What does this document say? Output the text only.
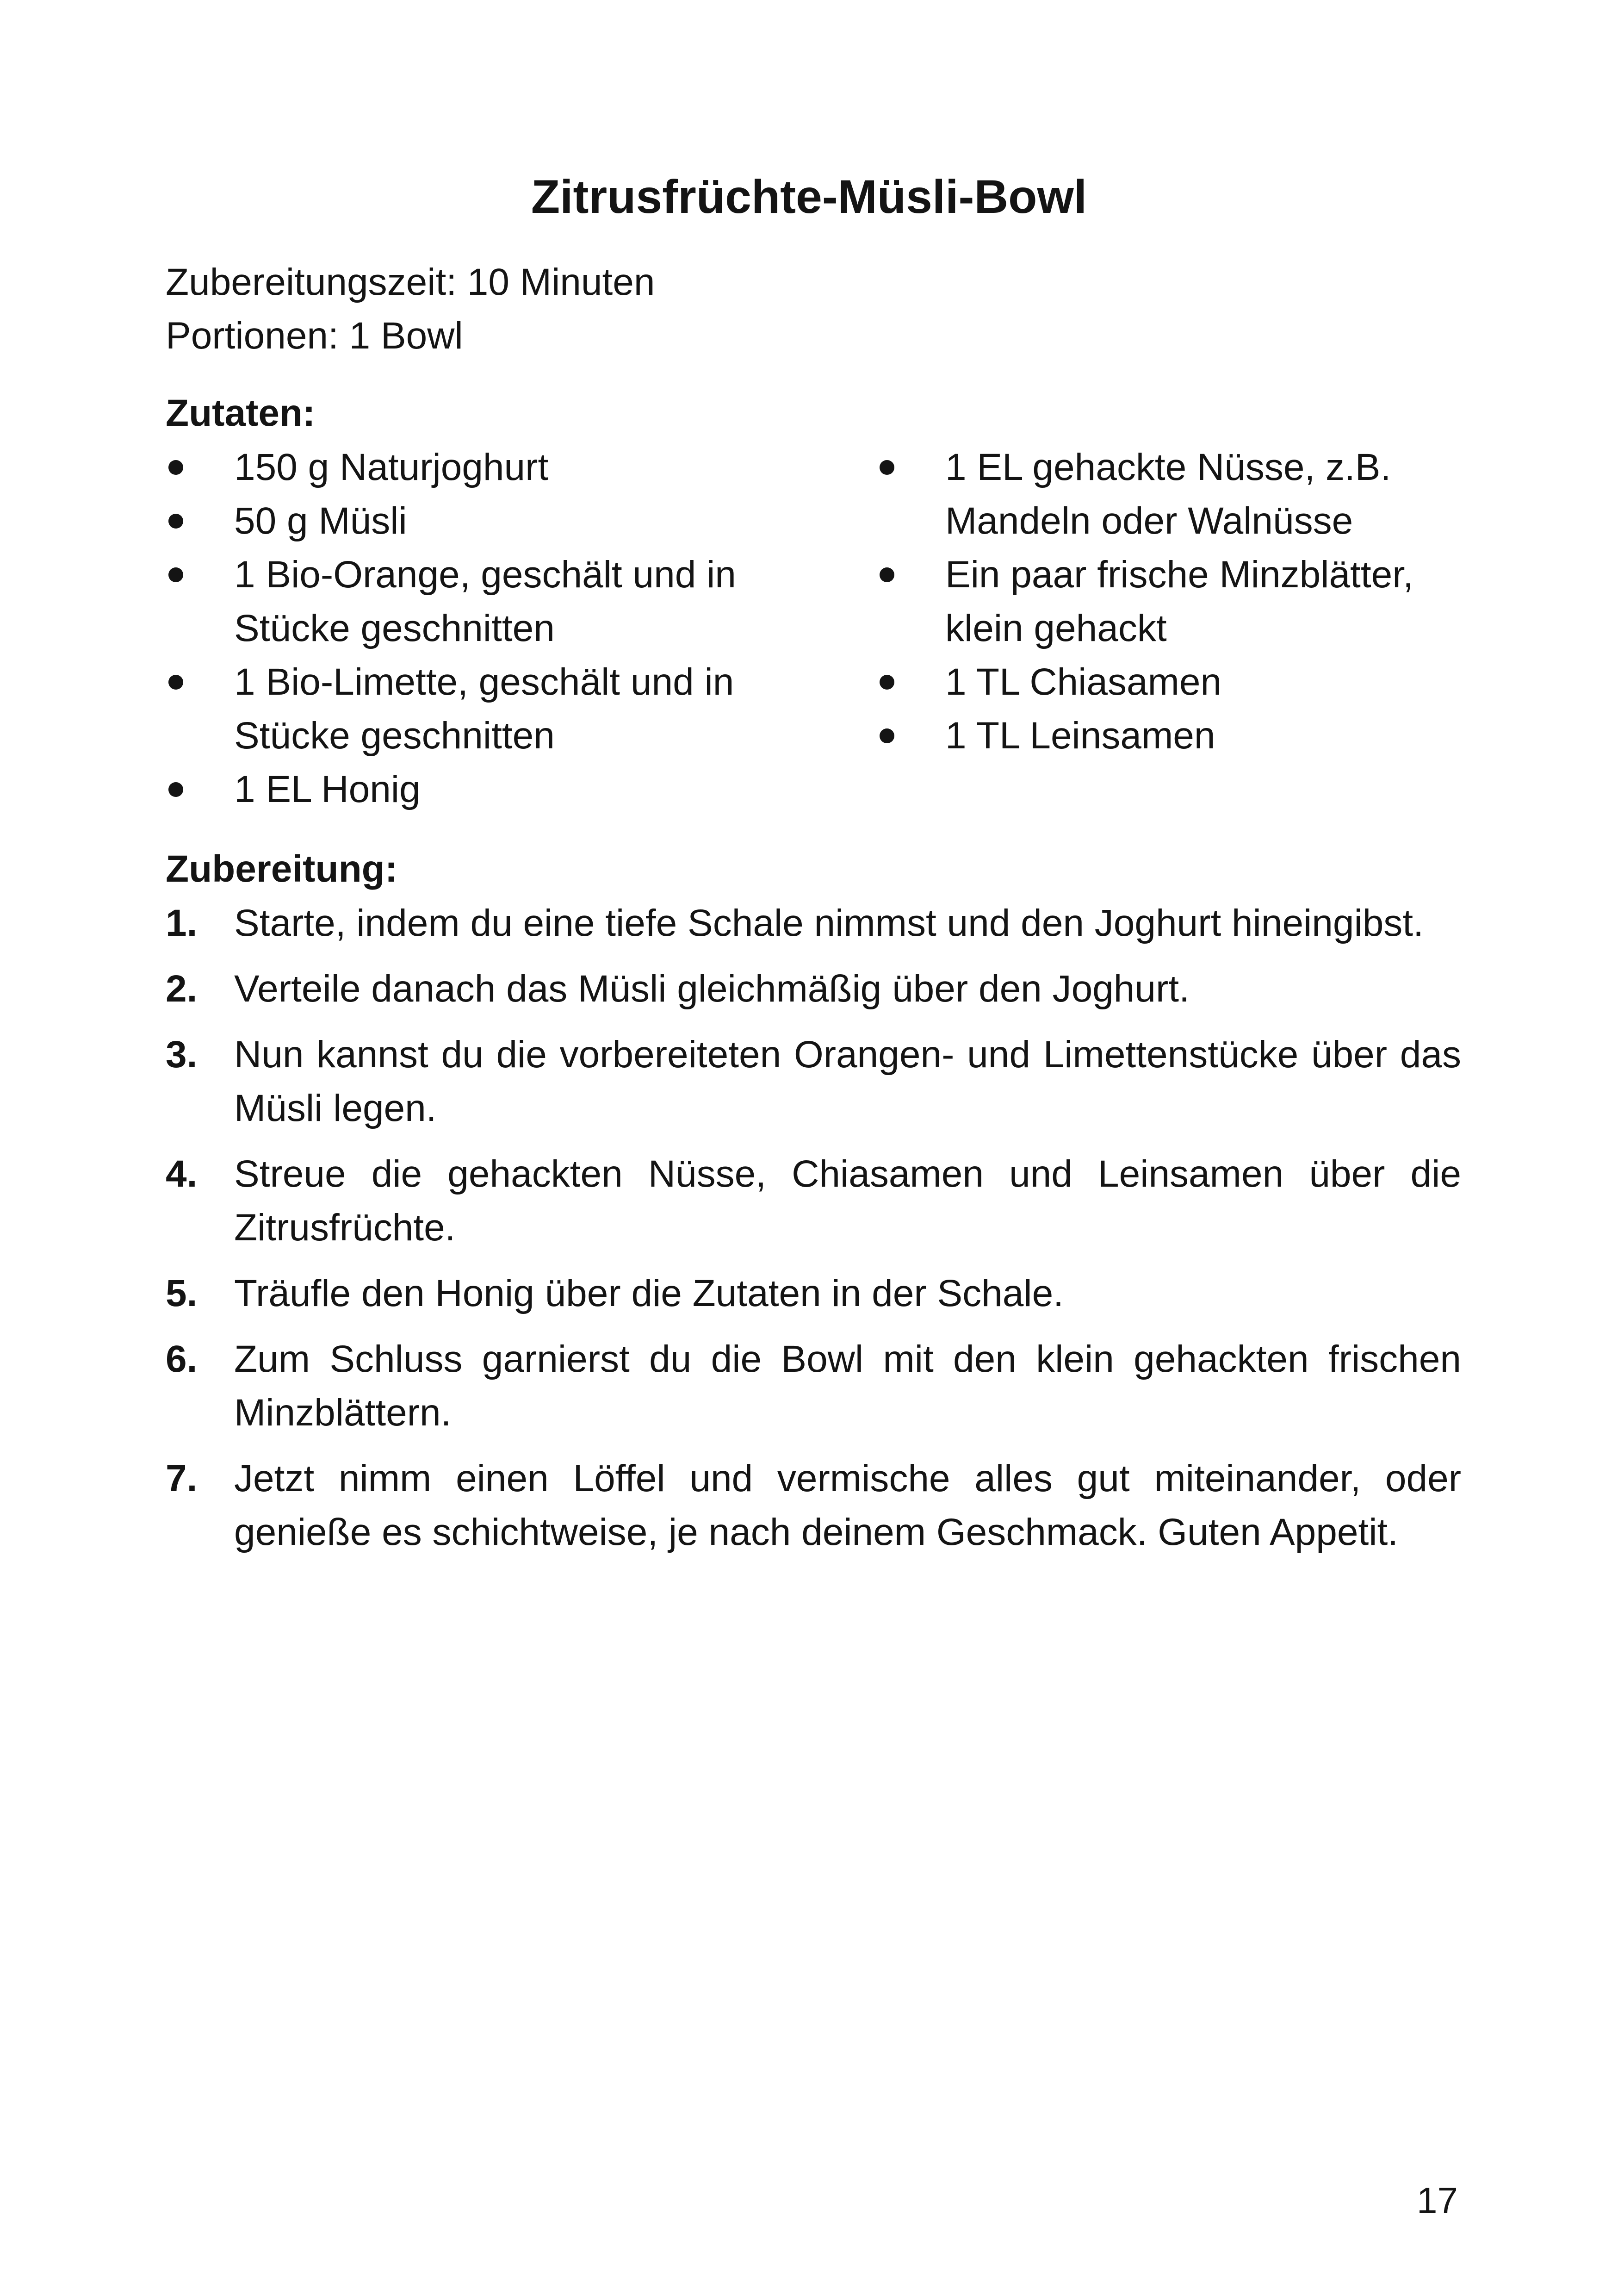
Zitrusfrüchte-Müsli-Bowl

Zubereitungszeit: 10 Minuten

Portionen: 1 Bowl

Zutaten:
150 g Naturjoghurt
50 g Müsli
1 Bio-Orange, geschält und in Stücke geschnitten
1 Bio-Limette, geschält und in Stücke geschnitten
1 EL Honig
1 EL gehackte Nüsse, z.B. Mandeln oder Walnüsse
Ein paar frische Minzblätter, klein gehackt
1 TL Chiasamen
1 TL Leinsamen
Zubereitung:
1. Starte, indem du eine tiefe Schale nimmst und den Joghurt hineingibst.
2. Verteile danach das Müsli gleichmäßig über den Joghurt.
3. Nun kannst du die vorbereiteten Orangen- und Limettenstücke über das Müsli legen.
4. Streue die gehackten Nüsse, Chiasamen und Leinsamen über die Zitrusfrüchte.
5. Träufle den Honig über die Zutaten in der Schale.
6. Zum Schluss garnierst du die Bowl mit den klein gehackten frischen Minzblättern.
7. Jetzt nimm einen Löffel und vermische alles gut miteinander, oder genieße es schichtweise, je nach deinem Geschmack. Guten Appetit.

17
